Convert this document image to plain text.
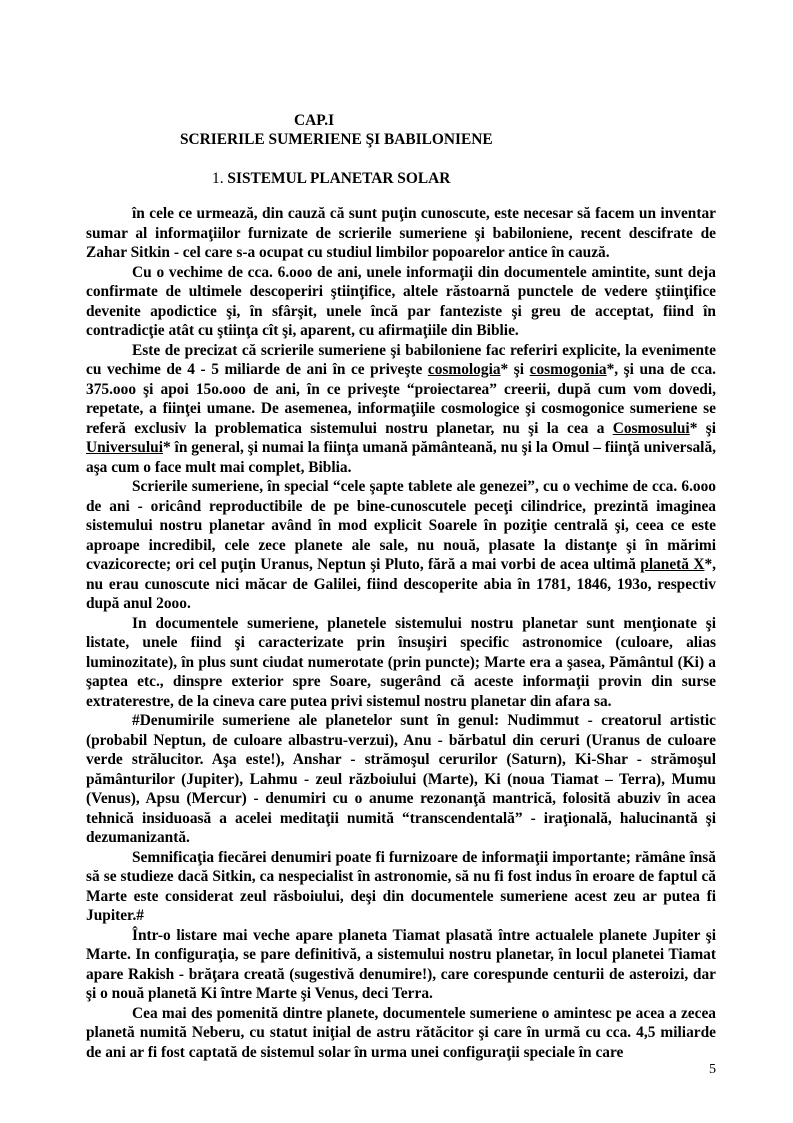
CAP.I
SCRIERILE SUMERIENE ŞI BABILONIENE
1. SISTEMUL PLANETAR SOLAR

în cele ce urmează, din cauză că sunt puţin cunoscute, este necesar să facem un inventar sumar al informaţiilor furnizate de scrierile sumeriene şi babiloniene, recent descifrate de Zahar Sitkin - cel care s-a ocupat cu studiul limbilor popoarelor antice în cauză.

Cu o vechime de cca. 6.ooo de ani, unele informaţii din documentele amintite, sunt deja confirmate de ultimele descoperiri ştiinţifice, altele răstoarnă punctele de vedere ştiinţifice devenite apodictice şi, în sfârşit, unele încă par fanteziste şi greu de acceptat, fiind în contradicţie atât cu ştiinţa cît şi, aparent, cu afirmaţiile din Biblie.

Este de precizat că scrierile sumeriene şi babiloniene fac referiri explicite, la evenimente cu vechime de 4 - 5 miliarde de ani în ce priveşte cosmologia* şi cosmogonia*, şi una de cca. 375.ooo şi apoi 15o.ooo de ani, în ce priveşte “proiectarea” creerii, după cum vom dovedi, repetate, a fiinţei umane. De asemenea, informaţiile cosmologice şi cosmogonice sumeriene se referă exclusiv la problematica sistemului nostru planetar, nu şi la cea a Cosmosului* şi Universului* în general, şi numai la fiinţa umană pământeană, nu şi la Omul – fiinţă universală, aşa cum o face mult mai complet, Biblia.

Scrierile sumeriene, în special “cele şapte tablete ale genezei”, cu o vechime de cca. 6.ooo de ani - oricând reproductibile de pe bine-cunoscutele peceţi cilindrice, prezintă imaginea sistemului nostru planetar având în mod explicit Soarele în poziţie centrală şi, ceea ce este aproape incredibil, cele zece planete ale sale, nu nouă, plasate la distanţe şi în mărimi cvazicorecte; ori cel puţin Uranus, Neptun şi Pluto, fără a mai vorbi de acea ultimă planetă X*, nu erau cunoscute nici măcar de Galilei, fiind descoperite abia în 1781, 1846, 193o, respectiv după anul 2ooo.

In documentele sumeriene, planetele sistemului nostru planetar sunt menţionate şi listate, unele fiind şi caracterizate prin însuşiri specific astronomice (culoare, alias luminozitate), în plus sunt ciudat numerotate (prin puncte); Marte era a şasea, Pământul (Ki) a şaptea etc., dinspre exterior spre Soare, sugerând că aceste informaţii provin din surse extraterestre, de la cineva care putea privi sistemul nostru planetar din afara sa.

#Denumirile sumeriene ale planetelor sunt în genul: Nudimmut - creatorul artistic (probabil Neptun, de culoare albastru-verzui), Anu - bărbatul din ceruri (Uranus de culoare verde strălucitor. Aşa este!), Anshar - strămoşul cerurilor (Saturn), Ki-Shar - strămoşul pământurilor (Jupiter), Lahmu - zeul războiului (Marte), Ki (noua Tiamat – Terra), Mumu (Venus), Apsu (Mercur) - denumiri cu o anume rezonanţă mantrică, folosită abuziv în acea tehnică insiduoasă a acelei meditaţii numită “transcendentală” - iraţională, halucinantă şi dezumanizantă.

Semnificaţia fiecărei denumiri poate fi furnizoare de informaţii importante; rămâne însă să se studieze dacă Sitkin, ca nespecialist în astronomie, să nu fi fost indus în eroare de faptul că Marte este considerat zeul răsboiului, deşi din documentele sumeriene acest zeu ar putea fi Jupiter.#

Într-o listare mai veche apare planeta Tiamat plasată între actualele planete Jupiter şi Marte. In configuraţia, se pare definitivă, a sistemului nostru planetar, în locul planetei Tiamat apare Rakish - brăţara creată (sugestivă denumire!), care corespunde centurii de asteroizi, dar şi o nouă planetă Ki între Marte şi Venus, deci Terra.

Cea mai des pomenită dintre planete, documentele sumeriene o amintesc pe acea a zecea planetă numită Neberu, cu statut iniţial de astru rătăcitor şi care în urmă cu cca. 4,5 miliarde de ani ar fi fost captată de sistemul solar în urma unei configuraţii speciale în care

5
